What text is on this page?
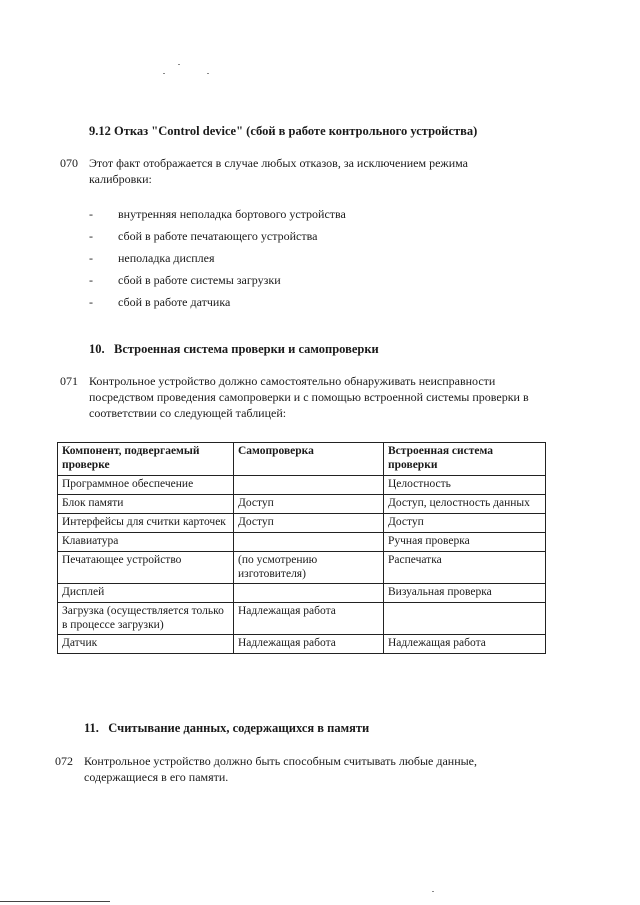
9.12 Отказ "Control device" (сбой в работе контрольного устройства)
070 Этот факт отображается в случае любых отказов, за исключением режима калибровки:
- внутренняя неполадка бортового устройства
- сбой в работе печатающего устройства
- неполадка дисплея
- сбой в работе системы загрузки
- сбой в работе датчика
10.   Встроенная система проверки и самопроверки
071 Контрольное устройство должно самостоятельно обнаруживать неисправности посредством проведения самопроверки и с помощью встроенной системы проверки в соответствии со следующей таблицей:
Компонент, подвергаемый проверке	Самопроверка	Встроенная система проверки
Программное обеспечение		Целостность
Блок памяти	Доступ	Доступ, целостность данных
Интерфейсы для считки карточек	Доступ	Доступ
Клавиатура		Ручная проверка
Печатающее устройство	(по усмотрению изготовителя)	Распечатка
Дисплей		Визуальная проверка
Загрузка (осуществляется только в процессе загрузки)	Надлежащая работа	
Датчик	Надлежащая работа	Надлежащая работа
11.   Считывание данных, содержащихся в памяти
072 Контрольное устройство должно быть способным считывать любые данные, содержащиеся в его памяти.
